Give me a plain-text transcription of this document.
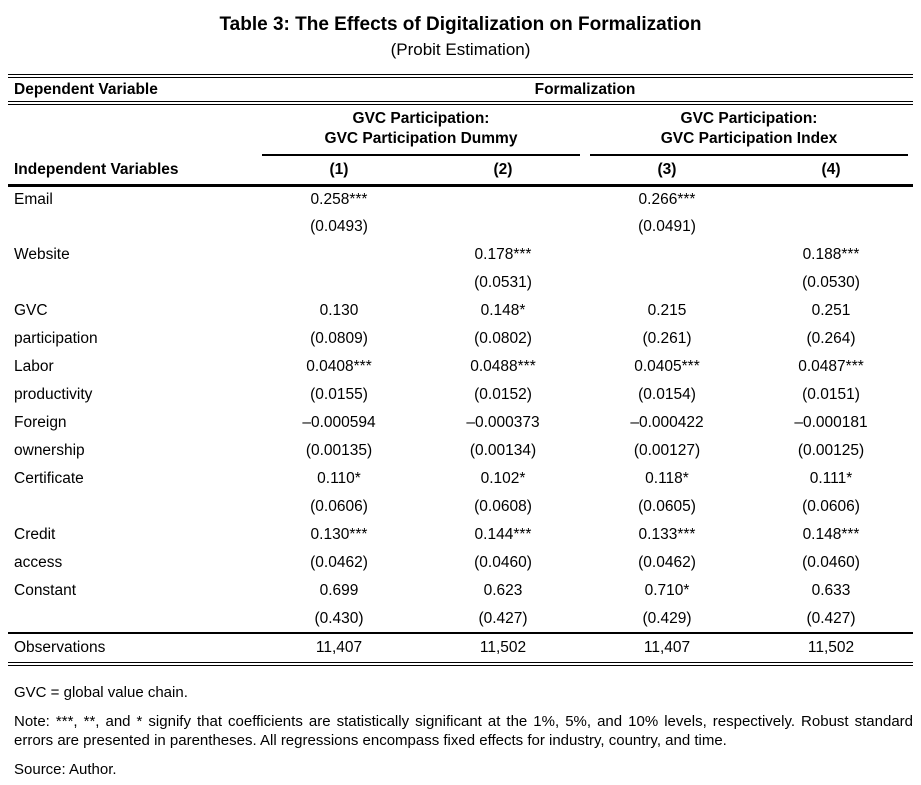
Table 3: The Effects of Digitalization on Formalization
(Probit Estimation)
Dependent Variable	Formalization			

	GVC Participation:
GVC Participation Dummy		GVC Participation:
GVC Participation Index	

Independent Variables	(1)	(2)	(3)	(4)
Email	0.258***		0.266***	
	(0.0493)		(0.0491)	
Website		0.178***		0.188***
		(0.0531)		(0.0530)
GVC	0.130	0.148*	0.215	0.251
participation	(0.0809)	(0.0802)	(0.261)	(0.264)
Labor	0.0408***	0.0488***	0.0405***	0.0487***
productivity	(0.0155)	(0.0152)	(0.0154)	(0.0151)
Foreign	–0.000594	–0.000373	–0.000422	–0.000181
ownership	(0.00135)	(0.00134)	(0.00127)	(0.00125)
Certificate	0.110*	0.102*	0.118*	0.111*
	(0.0606)	(0.0608)	(0.0605)	(0.0606)
Credit	0.130***	0.144***	0.133***	0.148***
access	(0.0462)	(0.0460)	(0.0462)	(0.0460)
Constant	0.699	0.623	0.710*	0.633
	(0.430)	(0.427)	(0.429)	(0.427)
Observations	11,407	11,502	11,407	11,502
GVC = global value chain.
Note: ***, **, and * signify that coefficients are statistically significant at the 1%, 5%, and 10% levels, respectively. Robust standard errors are presented in parentheses. All regressions encompass fixed effects for industry, country, and time.
Source: Author.
